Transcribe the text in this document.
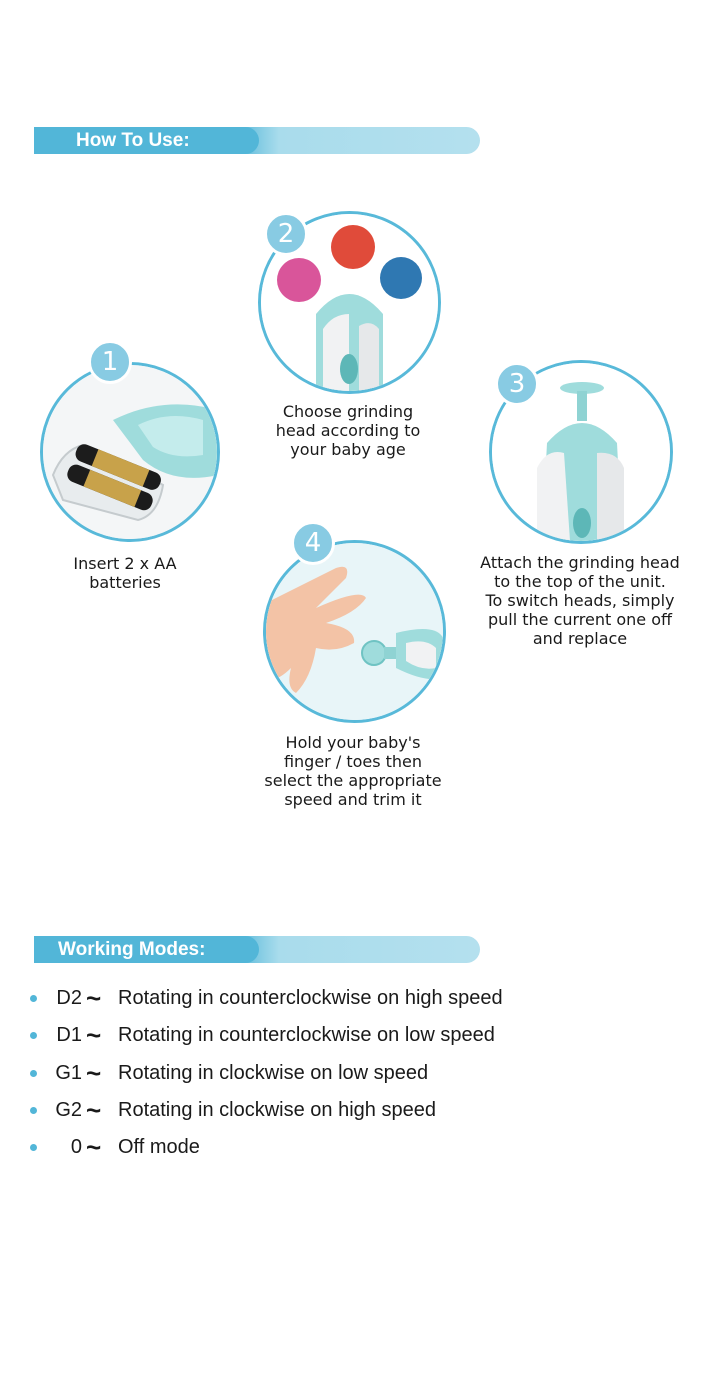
How To Use:
1
Insert 2 x AA
batteries
2
Choose grinding
head according to
your baby age
3
Attach the grinding head
to the top of the unit.
To switch heads, simply
pull the current one off
and replace
4
Hold your baby's
finger / toes then
select the appropriate
speed and trim it
Working Modes:
D2 ~ Rotating in counterclockwise on high speed
D1 ~ Rotating in counterclockwise on low speed
G1 ~ Rotating in clockwise on low speed
G2 ~ Rotating in clockwise on high speed
0 ~ Off mode
